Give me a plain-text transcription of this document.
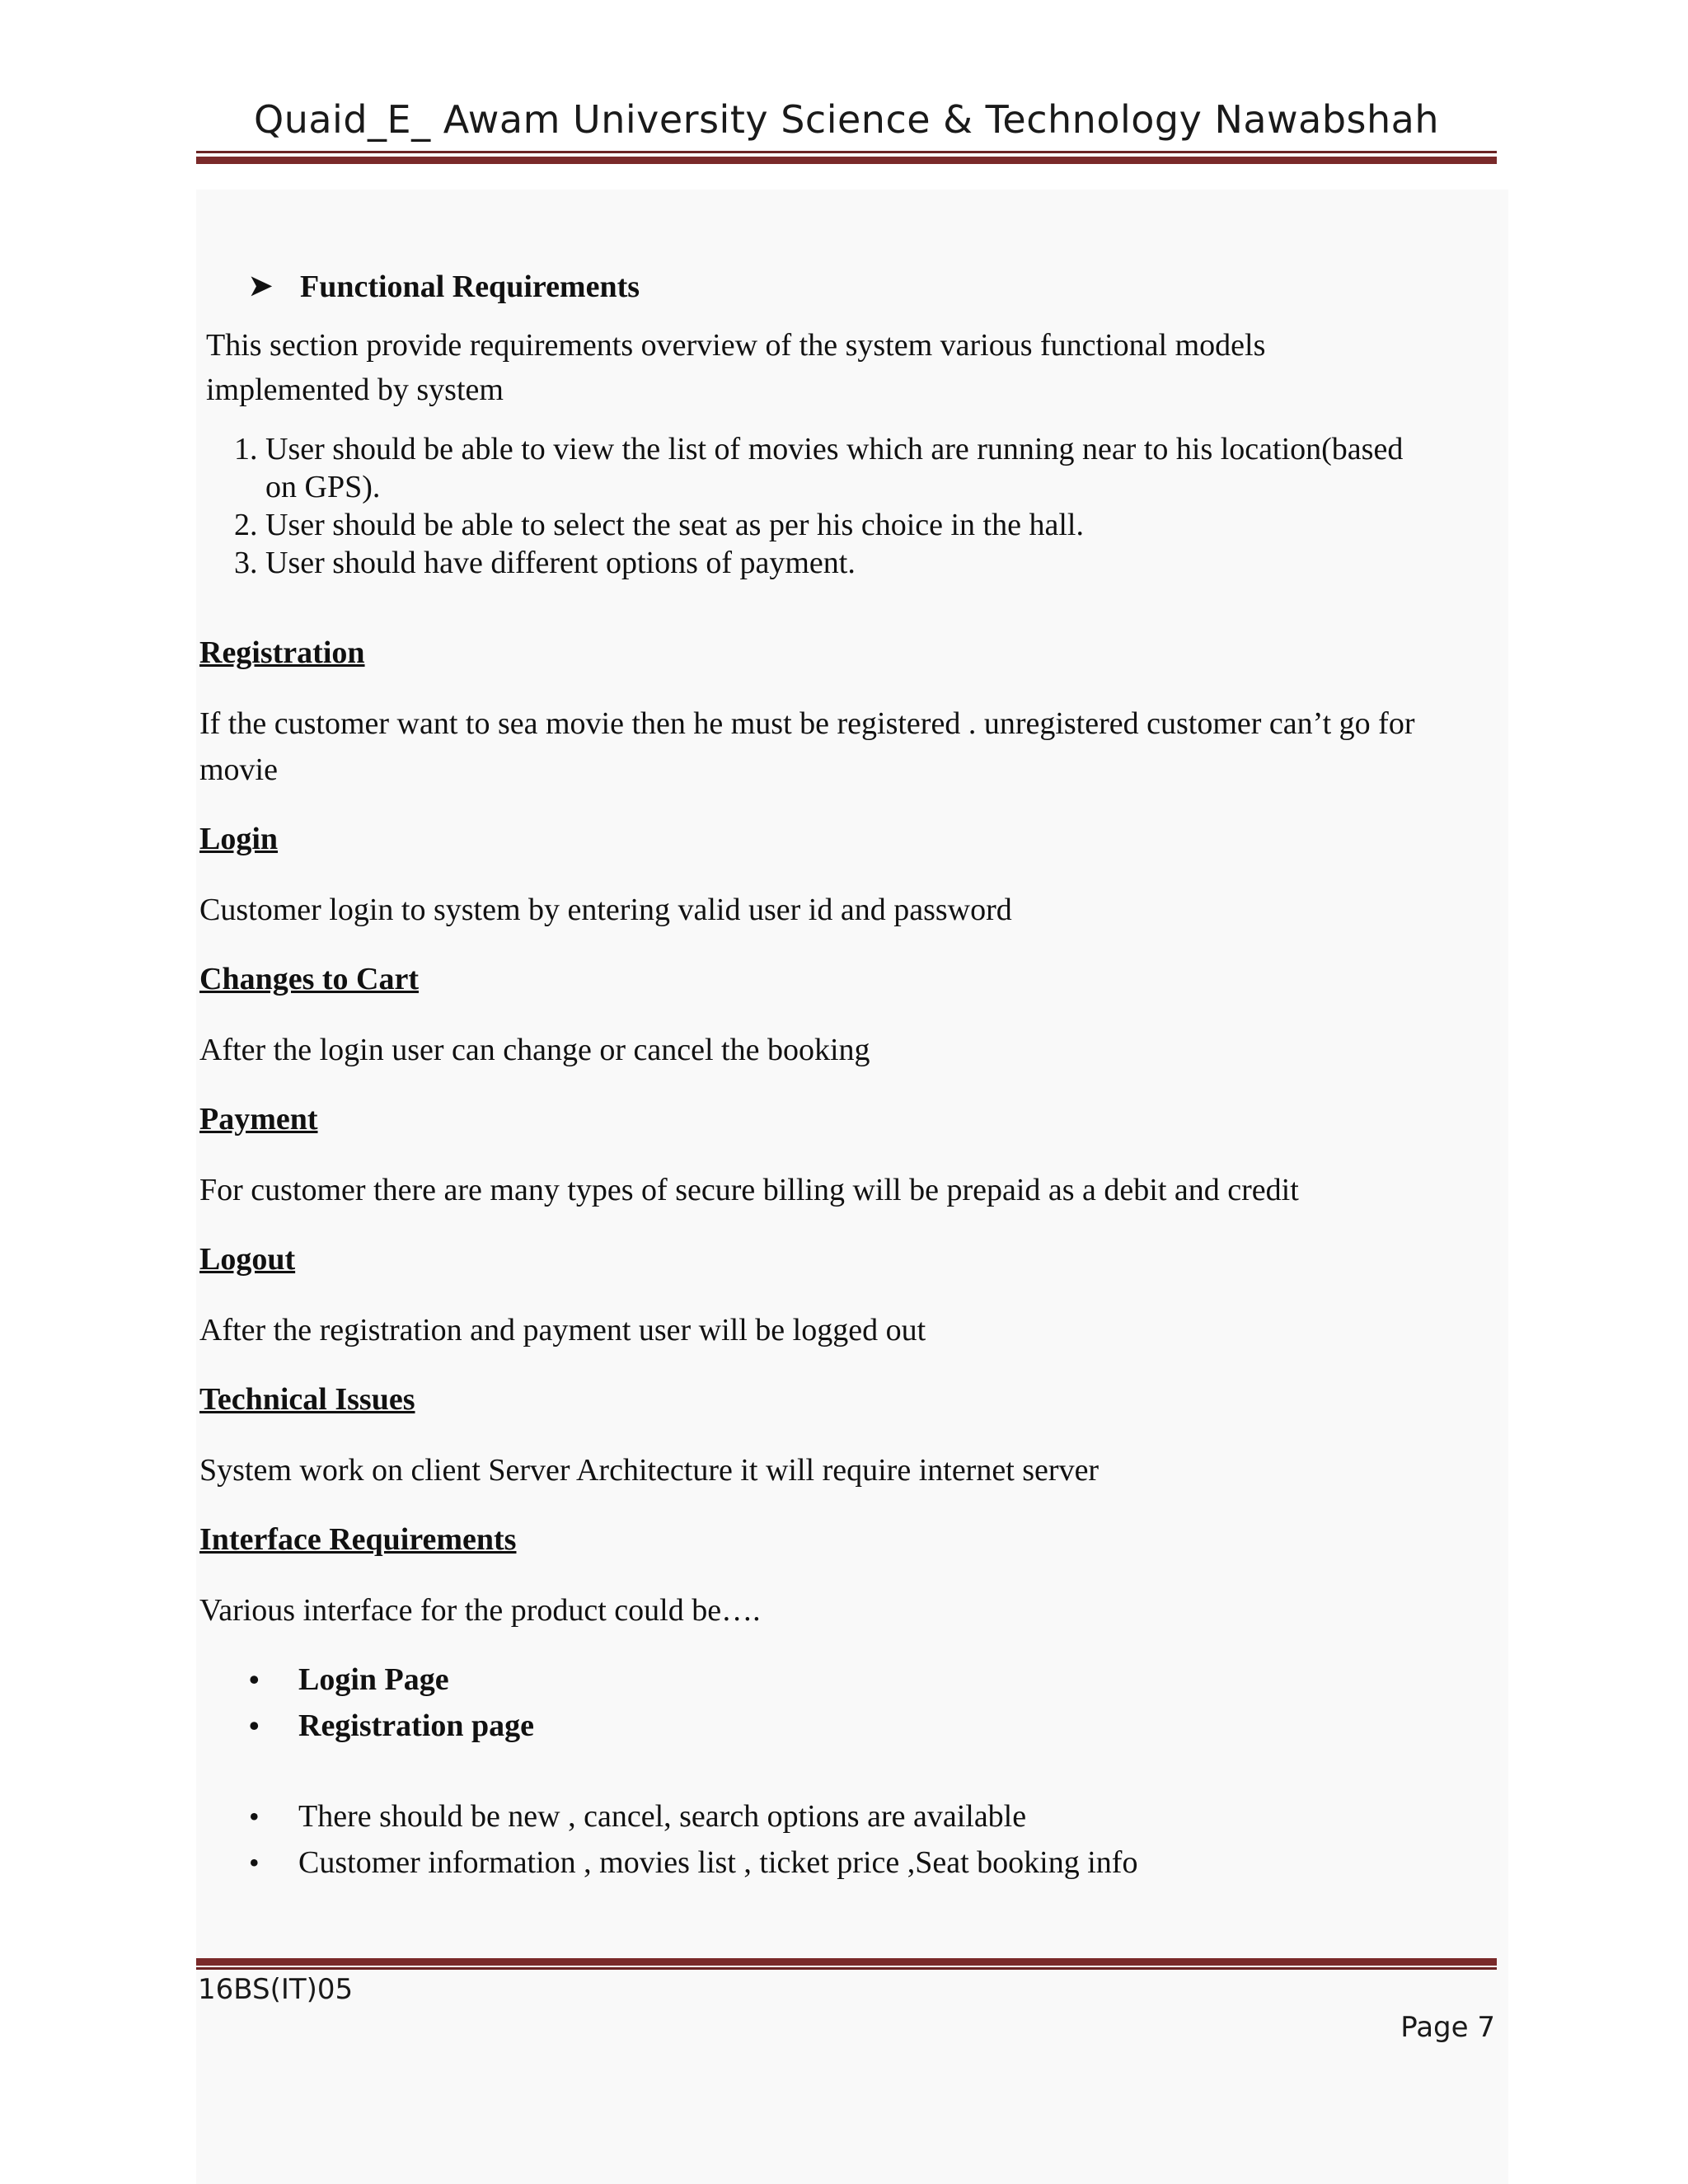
Quaid_E_ Awam University Science & Technology Nawabshah
➤ Functional Requirements

This section provide requirements overview of the system various functional models implemented by system

1. User should be able to view the list of movies which are running near to his location(based on GPS).
2. User should be able to select the seat as per his choice in the hall.
3. User should have different options of payment.
Registration

If the customer want to sea movie then he must be registered . unregistered customer can’t go for movie

Login

Customer login to system by entering valid user id and password

Changes to Cart

After the login user can change or cancel the booking

Payment

For customer there are many types of secure billing will be prepaid as a debit and credit

Logout

After the registration and payment user will be logged out

Technical Issues

System work on client Server Architecture it will require internet server

Interface Requirements

Various interface for the product could be….

• Login Page
• Registration page
• There should be new , cancel, search options are available
• Customer information , movies list , ticket price ,Seat booking info
16BS(IT)05
Page 7
